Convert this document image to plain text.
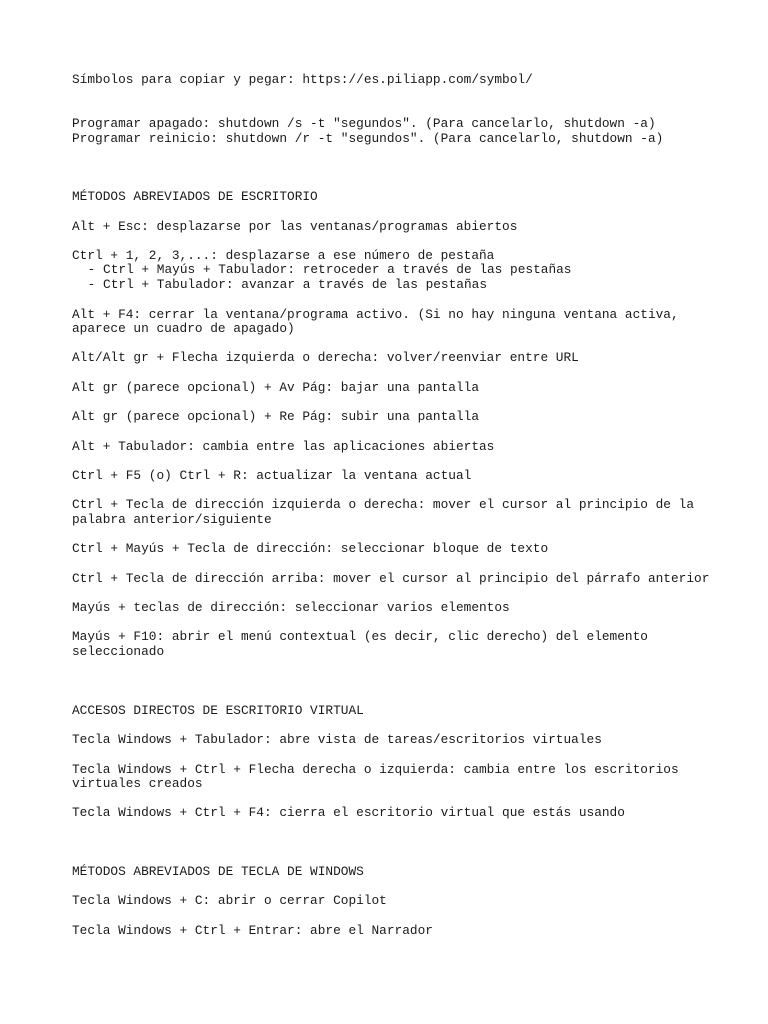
Símbolos para copiar y pegar: https://es.piliapp.com/symbol/

Programar apagado: shutdown /s -t "segundos". (Para cancelarlo, shutdown -a)

Programar reinicio: shutdown /r -t "segundos". (Para cancelarlo, shutdown -a)

MÉTODOS ABREVIADOS DE ESCRITORIO

Alt + Esc: desplazarse por las ventanas/programas abiertos

Ctrl + 1, 2, 3,...: desplazarse a ese número de pestaña

- Ctrl + Mayús + Tabulador: retroceder a través de las pestañas

- Ctrl + Tabulador: avanzar a través de las pestañas

Alt + F4: cerrar la ventana/programa activo. (Si no hay ninguna ventana activa,

aparece un cuadro de apagado)

Alt/Alt gr + Flecha izquierda o derecha: volver/reenviar entre URL

Alt gr (parece opcional) + Av Pág: bajar una pantalla

Alt gr (parece opcional) + Re Pág: subir una pantalla

Alt + Tabulador: cambia entre las aplicaciones abiertas

Ctrl + F5 (o) Ctrl + R: actualizar la ventana actual

Ctrl + Tecla de dirección izquierda o derecha: mover el cursor al principio de la

palabra anterior/siguiente

Ctrl + Mayús + Tecla de dirección: seleccionar bloque de texto

Ctrl + Tecla de dirección arriba: mover el cursor al principio del párrafo anterior

Mayús + teclas de dirección: seleccionar varios elementos

Mayús + F10: abrir el menú contextual (es decir, clic derecho) del elemento

seleccionado

ACCESOS DIRECTOS DE ESCRITORIO VIRTUAL

Tecla Windows + Tabulador: abre vista de tareas/escritorios virtuales

Tecla Windows + Ctrl + Flecha derecha o izquierda: cambia entre los escritorios

virtuales creados

Tecla Windows + Ctrl + F4: cierra el escritorio virtual que estás usando

MÉTODOS ABREVIADOS DE TECLA DE WINDOWS

Tecla Windows + C: abrir o cerrar Copilot

Tecla Windows + Ctrl + Entrar: abre el Narrador
